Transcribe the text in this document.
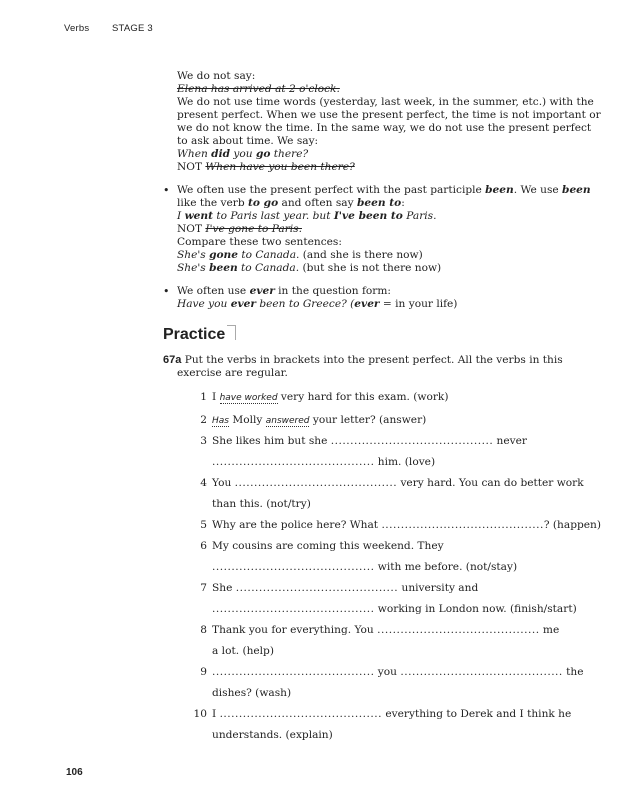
Verbs STAGE 3
We do not say:
Elena has arrived at 2 o'clock.
We do not use time words (yesterday, last week, in the summer, etc.) with the
present perfect. When we use the present perfect, the time is not important or
we do not know the time. In the same way, we do not use the present perfect
to ask about time. We say:
When did you go there?
NOT When have you been there?
• We often use the present perfect with the past participle been. We use been
like the verb to go and often say been to:
I went to Paris last year. but I've been to Paris.
NOT I've gone to Paris.
Compare these two sentences:
She's gone to Canada. (and she is there now)
She's been to Canada. (but she is not there now)
• We often use ever in the question form:
Have you ever been to Greece? (ever = in your life)
Practice
67a Put the verbs in brackets into the present perfect. All the verbs in this
exercise are regular.
1 I have worked very hard for this exam. (work)
2 Has Molly answered your letter? (answer)
3 She likes him but she .......................................... never
.......................................... him. (love)
4 You .......................................... very hard. You can do better work
than this. (not/try)
5 Why are the police here? What ..........................................? (happen)
6 My cousins are coming this weekend. They
.......................................... with me before. (not/stay)
7 She .......................................... university and
.......................................... working in London now. (finish/start)
8 Thank you for everything. You .......................................... me
a lot. (help)
9 .......................................... you .......................................... the
dishes? (wash)
10 I .......................................... everything to Derek and I think he
understands. (explain)
106
